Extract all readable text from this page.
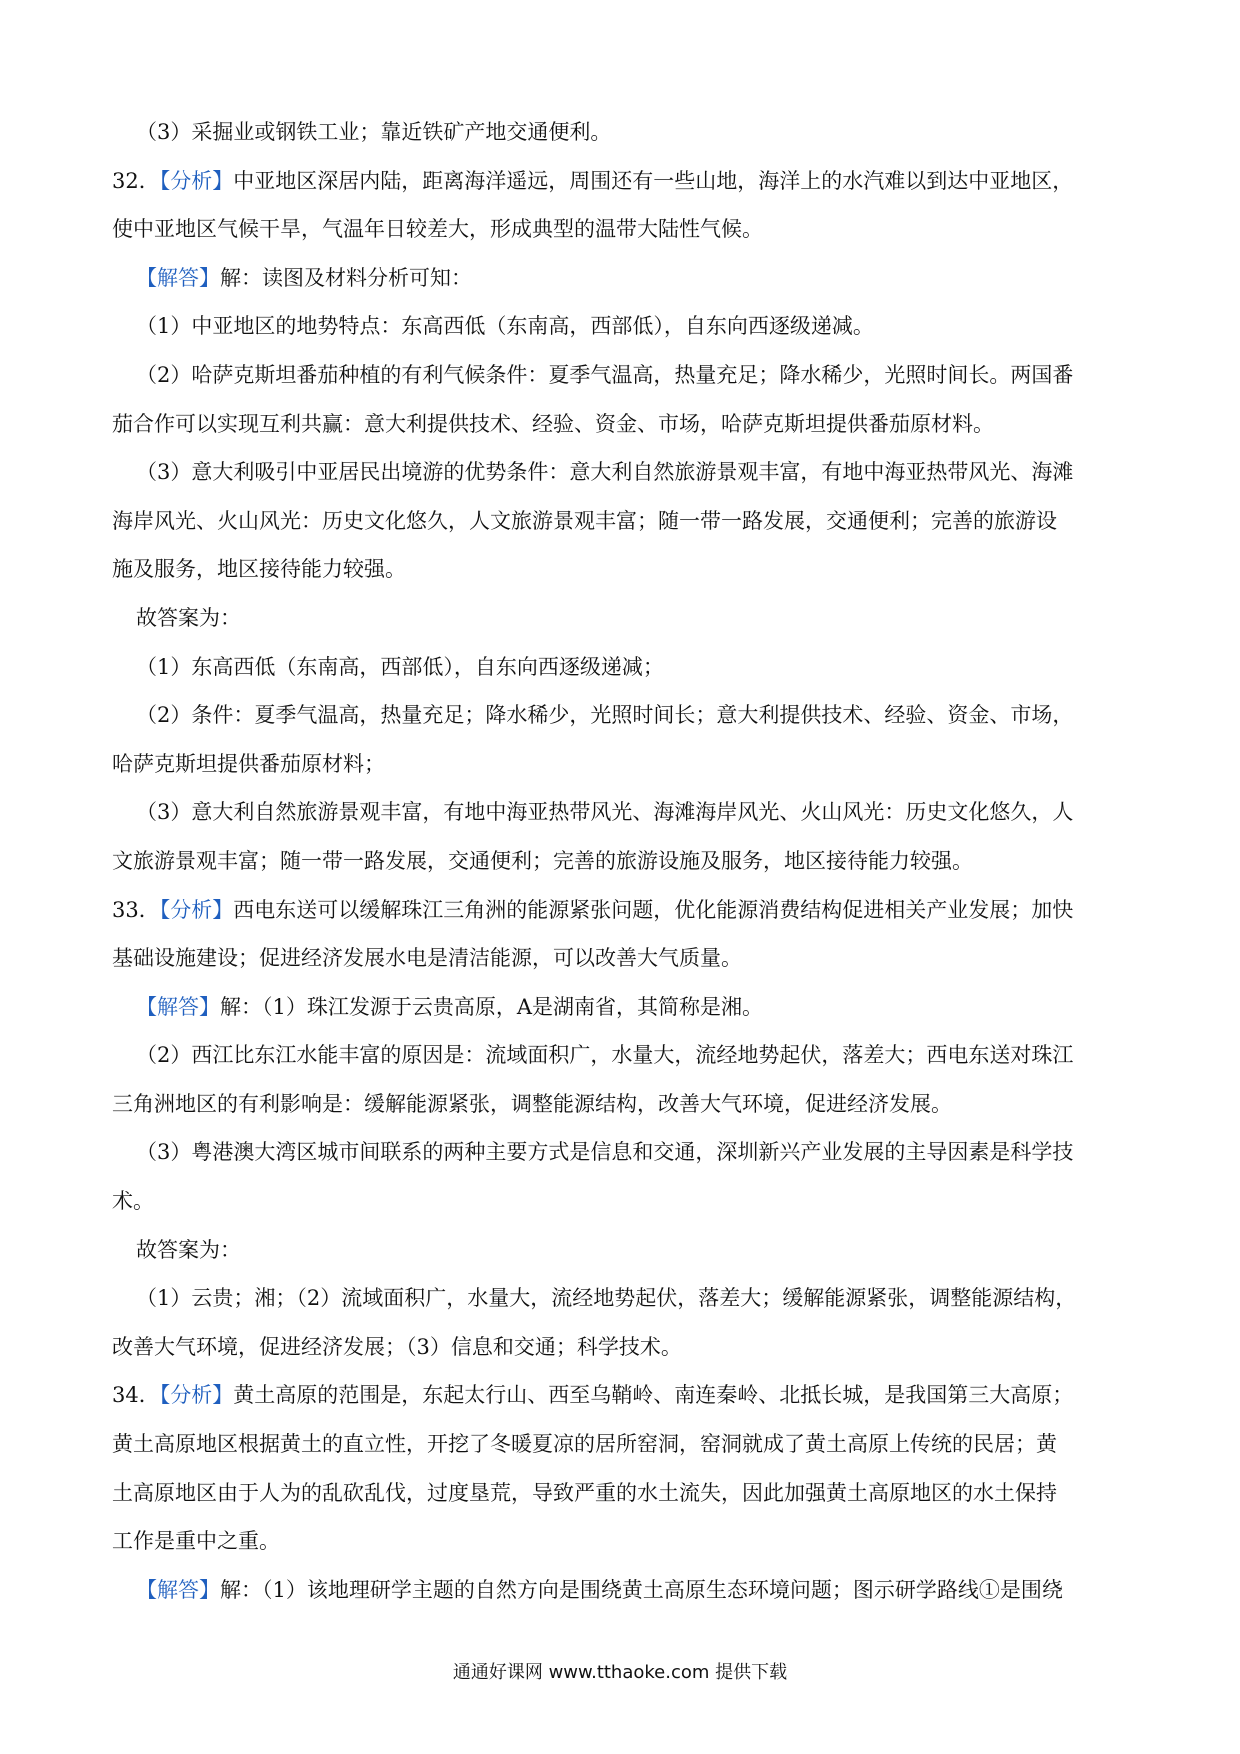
（3）采掘业或钢铁工业；靠近铁矿产地交通便利。
32．【分析】中亚地区深居内陆，距离海洋遥远，周围还有一些山地，海洋上的水汽难以到达中亚地区，
使中亚地区气候干旱，气温年日较差大，形成典型的温带大陆性气候。
【解答】解：读图及材料分析可知：
（1）中亚地区的地势特点：东高西低（东南高，西部低），自东向西逐级递减。
（2）哈萨克斯坦番茄种植的有利气候条件：夏季气温高，热量充足；降水稀少，光照时间长。两国番
茄合作可以实现互利共赢：意大利提供技术、经验、资金、市场，哈萨克斯坦提供番茄原材料。
（3）意大利吸引中亚居民出境游的优势条件：意大利自然旅游景观丰富，有地中海亚热带风光、海滩
海岸风光、火山风光：历史文化悠久，人文旅游景观丰富；随一带一路发展，交通便利；完善的旅游设
施及服务，地区接待能力较强。
故答案为：
（1）东高西低（东南高，西部低），自东向西逐级递减；
（2）条件：夏季气温高，热量充足；降水稀少，光照时间长；意大利提供技术、经验、资金、市场，
哈萨克斯坦提供番茄原材料；
（3）意大利自然旅游景观丰富，有地中海亚热带风光、海滩海岸风光、火山风光：历史文化悠久，人
文旅游景观丰富；随一带一路发展，交通便利；完善的旅游设施及服务，地区接待能力较强。
33．【分析】西电东送可以缓解珠江三角洲的能源紧张问题，优化能源消费结构促进相关产业发展；加快
基础设施建设；促进经济发展水电是清洁能源，可以改善大气质量。
【解答】解：（1）珠江发源于云贵高原，A是湖南省，其简称是湘。
（2）西江比东江水能丰富的原因是：流域面积广，水量大，流经地势起伏，落差大；西电东送对珠江
三角洲地区的有利影响是：缓解能源紧张，调整能源结构，改善大气环境，促进经济发展。
（3）粤港澳大湾区城市间联系的两种主要方式是信息和交通，深圳新兴产业发展的主导因素是科学技
术。
故答案为：
（1）云贵；湘；（2）流域面积广，水量大，流经地势起伏，落差大；缓解能源紧张，调整能源结构，
改善大气环境，促进经济发展；（3）信息和交通；科学技术。
34．【分析】黄土高原的范围是，东起太行山、西至乌鞘岭、南连秦岭、北抵长城，是我国第三大高原；
黄土高原地区根据黄土的直立性，开挖了冬暖夏凉的居所窑洞，窑洞就成了黄土高原上传统的民居；黄
土高原地区由于人为的乱砍乱伐，过度垦荒，导致严重的水土流失，因此加强黄土高原地区的水土保持
工作是重中之重。
【解答】解：（1）该地理研学主题的自然方向是围绕黄土高原生态环境问题；图示研学路线①是围绕
通通好课网 www.tthaoke.com 提供下载
